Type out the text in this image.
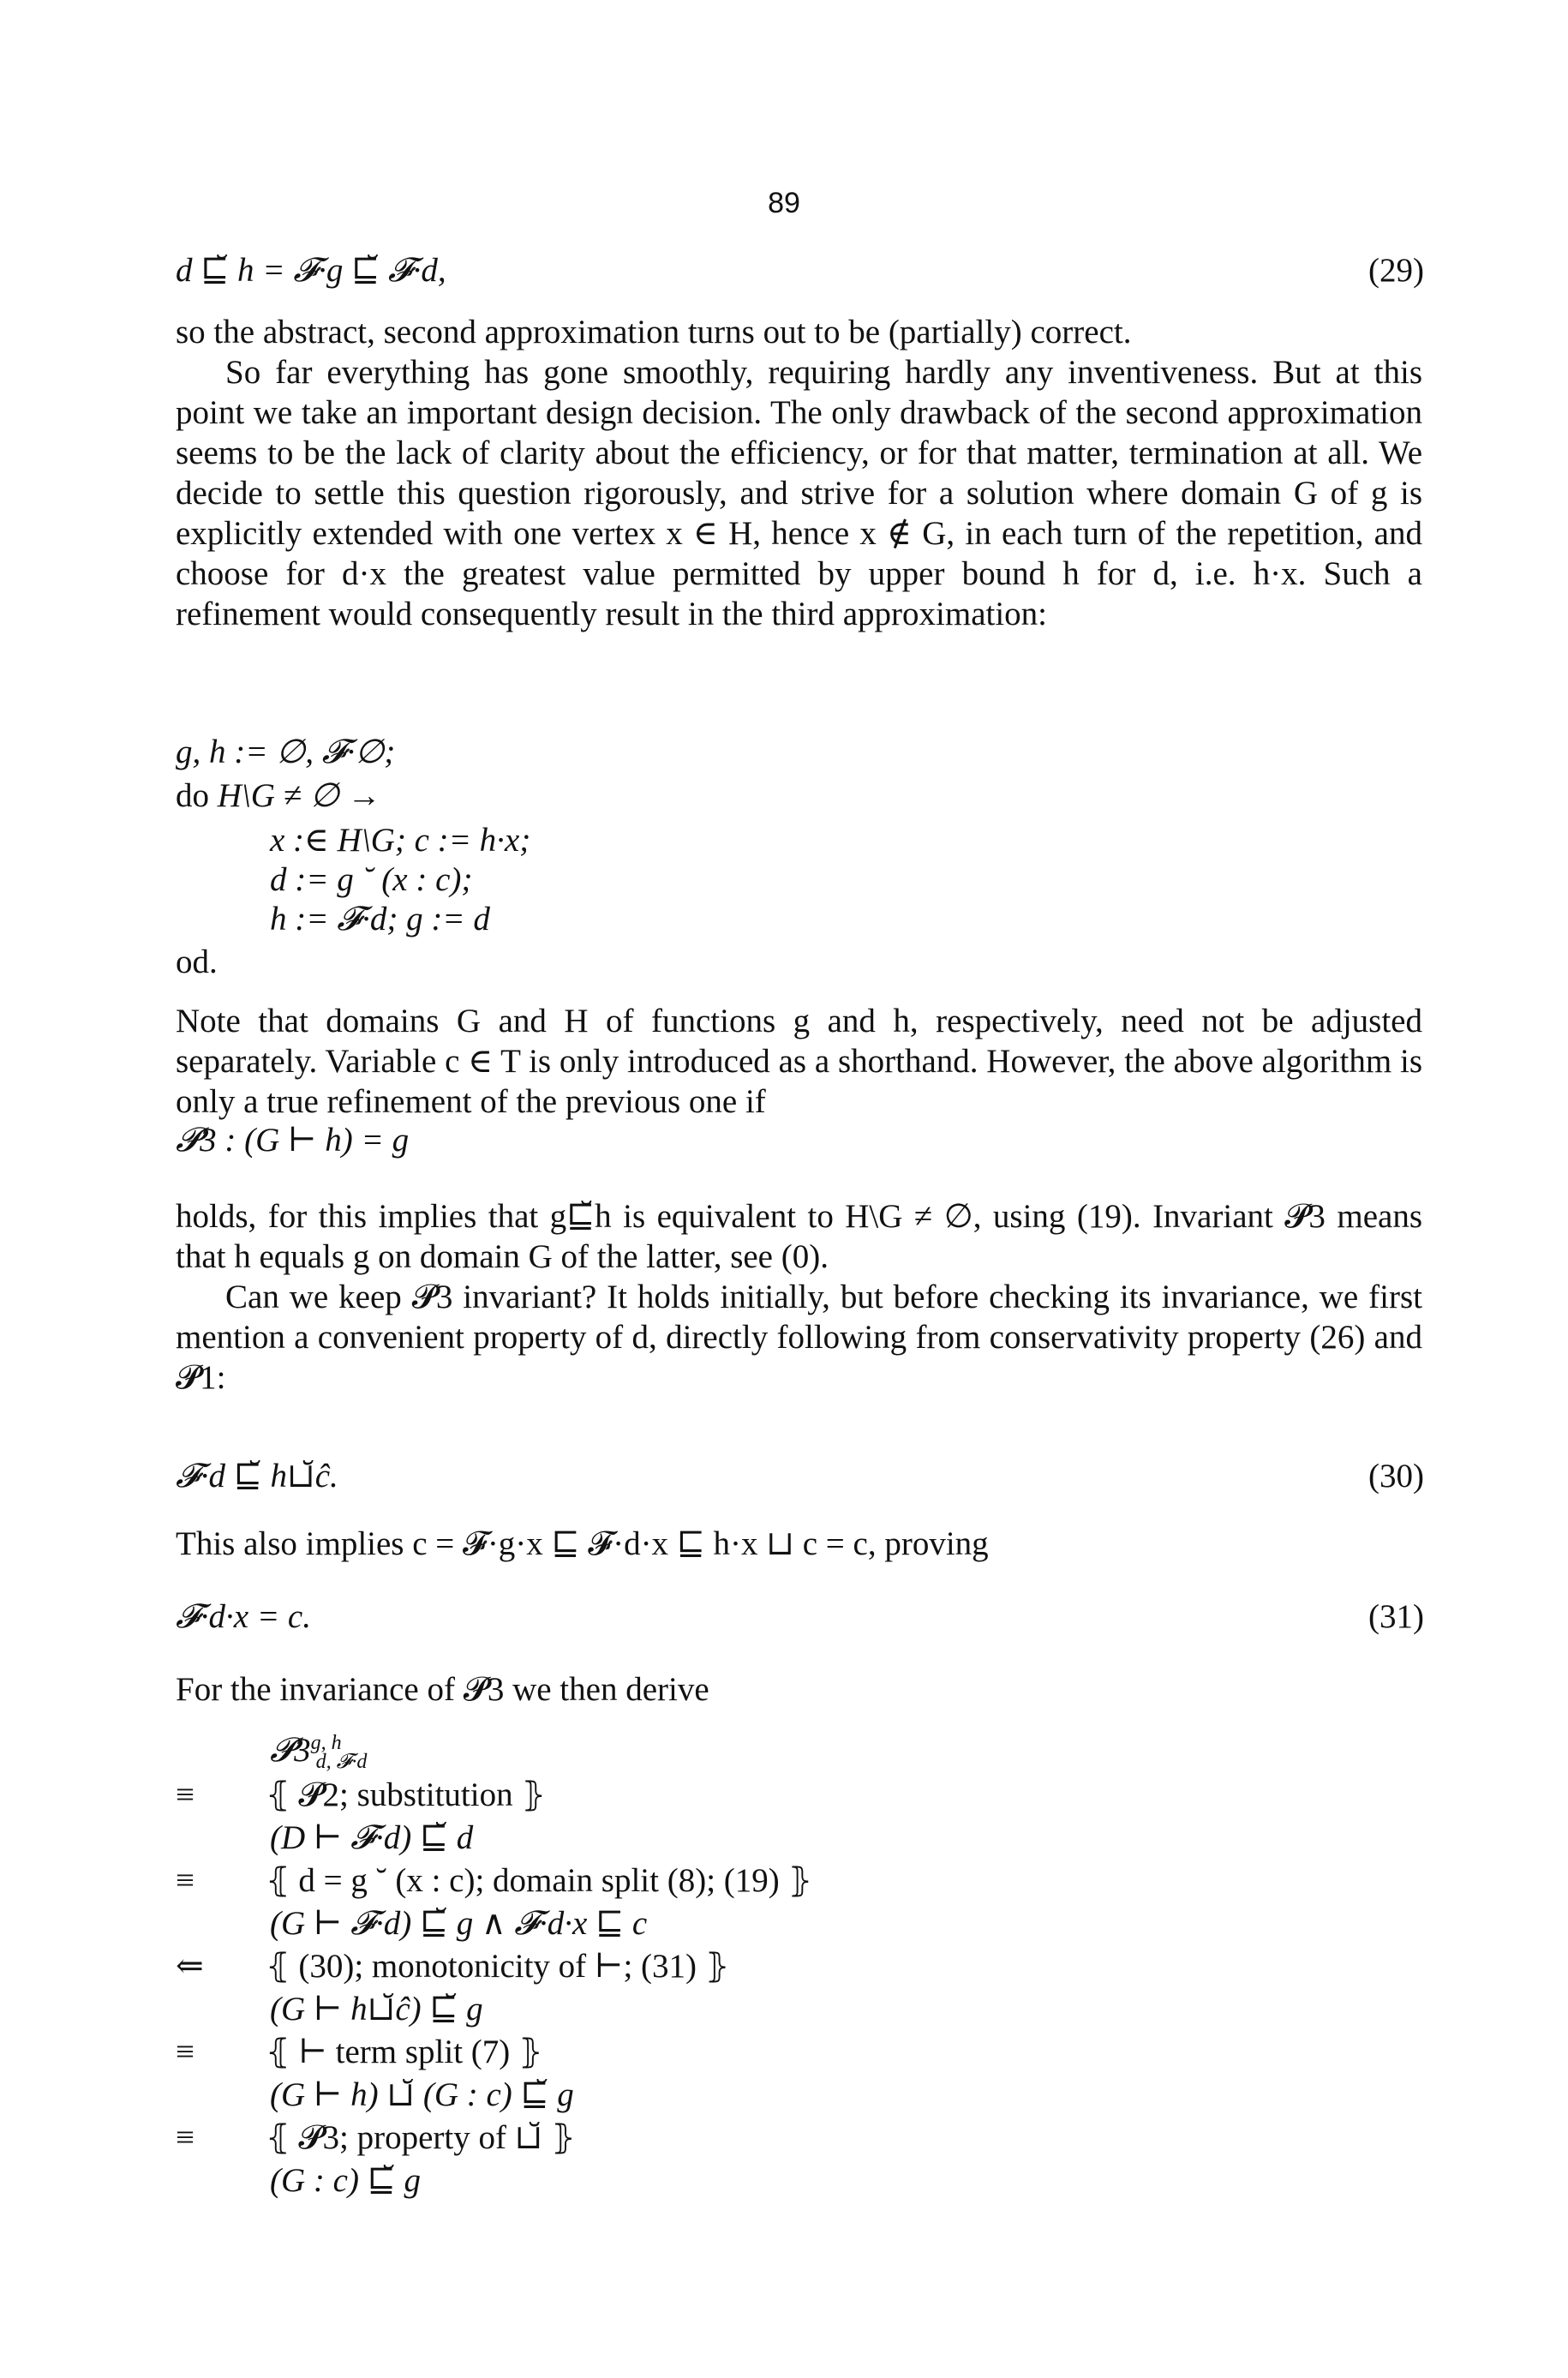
89
d ⊑̆ h = 𝓕·g ⊑̆ 𝓕·d,	(29)

so the abstract, second approximation turns out to be (partially) correct.

So far everything has gone smoothly, requiring hardly any inventiveness. But at this point we take an important design decision. The only drawback of the second approximation seems to be the lack of clarity about the efficiency, or for that matter, termination at all. We decide to settle this question rigorously, and strive for a solution where domain G of g is explicitly extended with one vertex x ∈ H, hence x ∉ G, in each turn of the repetition, and choose for d·x the greatest value permitted by upper bound h for d, i.e. h·x. Such a refinement would consequently result in the third approximation:

g, h := ∅, 𝓕·∅;
do H\G ≠ ∅ →
x :∈ H\G; c := h·x;
d := g ˘ (x : c);
h := 𝓕·d; g := d
od.
Note that domains G and H of functions g and h, respectively, need not be adjusted separately. Variable c ∈ T is only introduced as a shorthand. However, the above algorithm is only a true refinement of the previous one if
𝓟3 : (G ⊢ h) = g

holds, for this implies that g⊑̆h is equivalent to H\G ≠ ∅, using (19). Invariant 𝓟3 means that h equals g on domain G of the latter, see (0).

Can we keep 𝓟3 invariant? It holds initially, but before checking its invariance, we first mention a convenient property of d, directly following from conservativity property (26) and 𝓟1:

𝓕·d ⊑̆ h⊔̆ĉ.	(30)
This also implies c = 𝓕·g·x ⊑ 𝓕·d·x ⊑ h·x ⊔ c = c, proving
𝓕·d·x = c.	(31)
For the invariance of 𝓟3 we then derive
$𝓟3^{g, h}_{d, 𝓕\cdot d}$
≡ ⦃ 𝓟2; substitution ⦄
(D ⊢ 𝓕·d) ⊑̆ d
≡ ⦃ d = g ˘ (x : c); domain split (8); (19) ⦄
(G ⊢ 𝓕·d) ⊑̆ g ∧ 𝓕·d·x ⊑ c
⇐ ⦃ (30); monotonicity of ⊢; (31) ⦄
(G ⊢ h⊔̆ĉ) ⊑̆ g
≡ ⦃ ⊢ term split (7) ⦄
(G ⊢ h) ⊔̆ (G : c) ⊑̆ g
≡ ⦃ 𝓟3; property of ⊔̆ ⦄
(G : c) ⊑̆ g
